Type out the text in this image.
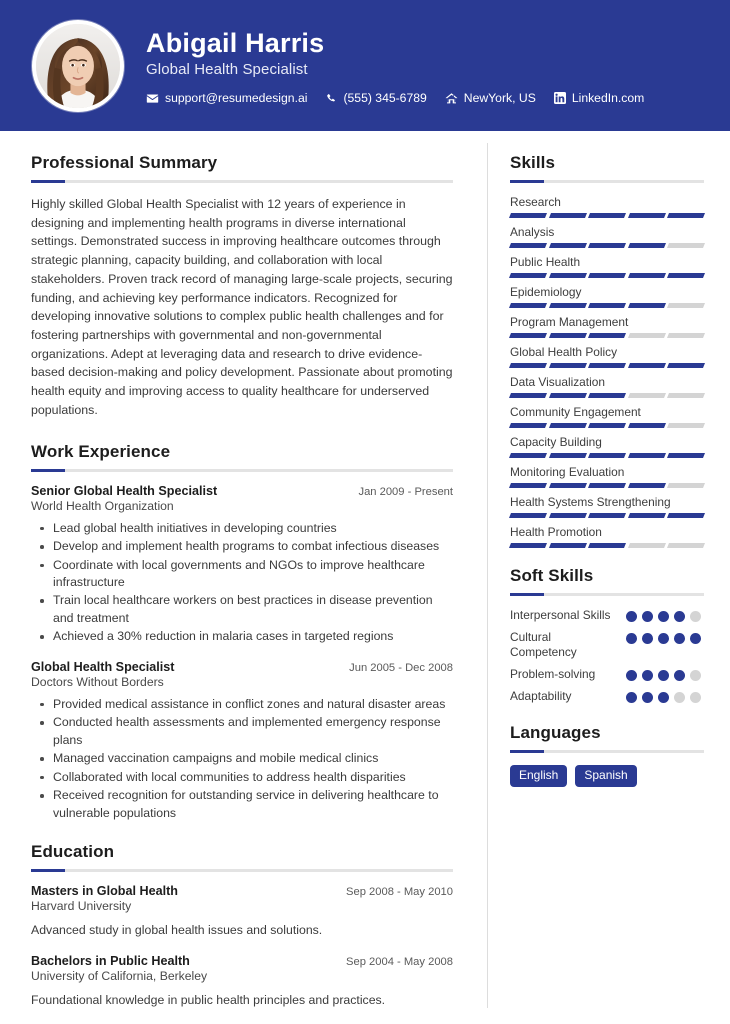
Abigail Harris
Global Health Specialist
support@resumedesign.ai	(555) 345-6789	NewYork, US	LinkedIn.com
Professional Summary
Highly skilled Global Health Specialist with 12 years of experience in designing and implementing health programs in diverse international settings. Demonstrated success in improving healthcare outcomes through strategic planning, capacity building, and collaboration with local stakeholders. Proven track record of managing large-scale projects, securing funding, and achieving key performance indicators. Recognized for developing innovative solutions to complex public health challenges and for fostering partnerships with governmental and non-governmental organizations. Adept at leveraging data and research to drive evidence-based decision-making and policy development. Passionate about promoting health equity and improving access to quality healthcare for underserved populations.
Work Experience
Senior Global Health Specialist	Jan 2009 - Present
World Health Organization
Lead global health initiatives in developing countries
Develop and implement health programs to combat infectious diseases
Coordinate with local governments and NGOs to improve healthcare infrastructure
Train local healthcare workers on best practices in disease prevention and treatment
Achieved a 30% reduction in malaria cases in targeted regions
Global Health Specialist	Jun 2005 - Dec 2008
Doctors Without Borders
Provided medical assistance in conflict zones and natural disaster areas
Conducted health assessments and implemented emergency response plans
Managed vaccination campaigns and mobile medical clinics
Collaborated with local communities to address health disparities
Received recognition for outstanding service in delivering healthcare to vulnerable populations
Education
Masters in Global Health	Sep 2008 - May 2010
Harvard University
Advanced study in global health issues and solutions.
Bachelors in Public Health	Sep 2004 - May 2008
University of California, Berkeley
Foundational knowledge in public health principles and practices.
Skills
Research
Analysis
Public Health
Epidemiology
Program Management
Global Health Policy
Data Visualization
Community Engagement
Capacity Building
Monitoring Evaluation
Health Systems Strengthening
Health Promotion
Soft Skills
Interpersonal Skills
Cultural Competency
Problem-solving
Adaptability
Languages
English	Spanish
